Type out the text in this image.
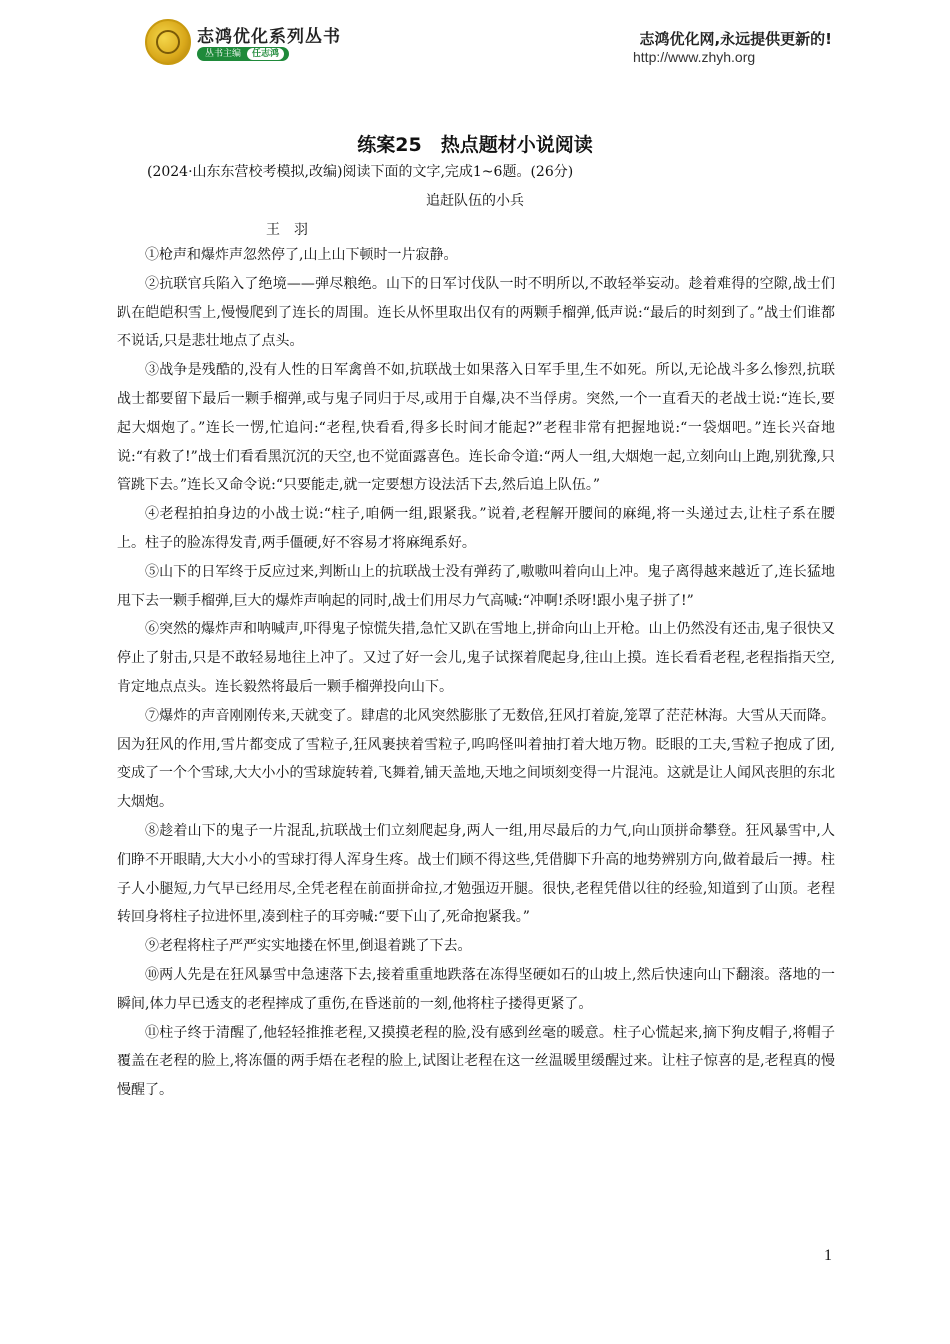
志鸿优化系列丛书
丛书主编	任志鸿
志鸿优化网,永远提供更新的!
http://www.zhyh.org
练案25　热点题材小说阅读
(2024·山东东营校考模拟,改编)阅读下面的文字,完成1~6题。(26分)
追赶队伍的小兵
王羽

①枪声和爆炸声忽然停了,山上山下顿时一片寂静。

②抗联官兵陷入了绝境——弹尽粮绝。山下的日军讨伐队一时不明所以,不敢轻举妄动。趁着难得的空隙,战士们趴在皑皑积雪上,慢慢爬到了连长的周围。连长从怀里取出仅有的两颗手榴弹,低声说:“最后的时刻到了。”战士们谁都不说话,只是悲壮地点了点头。

③战争是残酷的,没有人性的日军禽兽不如,抗联战士如果落入日军手里,生不如死。所以,无论战斗多么惨烈,抗联战士都要留下最后一颗手榴弹,或与鬼子同归于尽,或用于自爆,决不当俘虏。突然,一个一直看天的老战士说:“连长,要起大烟炮了。”连长一愣,忙追问:“老程,快看看,得多长时间才能起?”老程非常有把握地说:“一袋烟吧。”连长兴奋地说:“有救了!”战士们看看黑沉沉的天空,也不觉面露喜色。连长命令道:“两人一组,大烟炮一起,立刻向山上跑,别犹豫,只管跳下去。”连长又命令说:“只要能走,就一定要想方设法活下去,然后追上队伍。”

④老程拍拍身边的小战士说:“柱子,咱俩一组,跟紧我。”说着,老程解开腰间的麻绳,将一头递过去,让柱子系在腰上。柱子的脸冻得发青,两手僵硬,好不容易才将麻绳系好。

⑤山下的日军终于反应过来,判断山上的抗联战士没有弹药了,嗷嗷叫着向山上冲。鬼子离得越来越近了,连长猛地甩下去一颗手榴弹,巨大的爆炸声响起的同时,战士们用尽力气高喊:“冲啊!杀呀!跟小鬼子拼了!”

⑥突然的爆炸声和呐喊声,吓得鬼子惊慌失措,急忙又趴在雪地上,拼命向山上开枪。山上仍然没有还击,鬼子很快又停止了射击,只是不敢轻易地往上冲了。又过了好一会儿,鬼子试探着爬起身,往山上摸。连长看看老程,老程指指天空,肯定地点点头。连长毅然将最后一颗手榴弹投向山下。

⑦爆炸的声音刚刚传来,天就变了。肆虐的北风突然膨胀了无数倍,狂风打着旋,笼罩了茫茫林海。大雪从天而降。因为狂风的作用,雪片都变成了雪粒子,狂风裹挟着雪粒子,呜呜怪叫着抽打着大地万物。眨眼的工夫,雪粒子抱成了团,变成了一个个雪球,大大小小的雪球旋转着,飞舞着,铺天盖地,天地之间顷刻变得一片混沌。这就是让人闻风丧胆的东北大烟炮。

⑧趁着山下的鬼子一片混乱,抗联战士们立刻爬起身,两人一组,用尽最后的力气,向山顶拼命攀登。狂风暴雪中,人们睁不开眼睛,大大小小的雪球打得人浑身生疼。战士们顾不得这些,凭借脚下升高的地势辨别方向,做着最后一搏。柱子人小腿短,力气早已经用尽,全凭老程在前面拼命拉,才勉强迈开腿。很快,老程凭借以往的经验,知道到了山顶。老程转回身将柱子拉进怀里,凑到柱子的耳旁喊:“要下山了,死命抱紧我。”

⑨老程将柱子严严实实地搂在怀里,倒退着跳了下去。

⑩两人先是在狂风暴雪中急速落下去,接着重重地跌落在冻得坚硬如石的山坡上,然后快速向山下翻滚。落地的一瞬间,体力早已透支的老程摔成了重伤,在昏迷前的一刻,他将柱子搂得更紧了。

⑪柱子终于清醒了,他轻轻推推老程,又摸摸老程的脸,没有感到丝毫的暖意。柱子心慌起来,摘下狗皮帽子,将帽子覆盖在老程的脸上,将冻僵的两手焐在老程的脸上,试图让老程在这一丝温暖里缓醒过来。让柱子惊喜的是,老程真的慢慢醒了。

1
